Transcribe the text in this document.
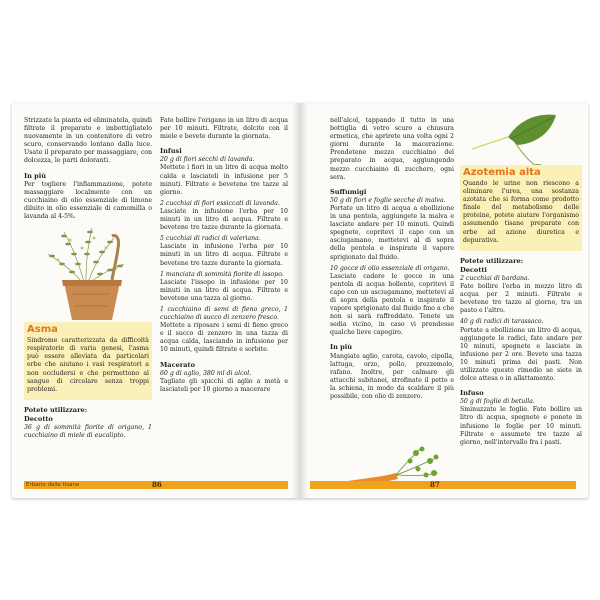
Strizzate la pianta ed eliminatela, quindi filtrate il preparato e imbottigliatelo nuovamente in un contenitore di vetro scuro, conservando lontano dalla luce. Usate il preparato per massaggiare, con dolcezza, le parti doloranti.

In più

Per togliere l'infiammazione, potete massaggiare localmente con un cucchiaino di olio essenziale di limone diluito in olio essenziale di camomilla o lavanda al 4-5%.

Asma

Sindrome caratterizzata da difficoltà respiratorie di varia genesi, l'asma può essere alleviata da particolari erbe che aiutano i vasi respiratori a non occludersi e che permettono al sangue di circolare senza troppi problemi.

Potete utilizzare:
Decotto

36 g di sommità fiorite di origano, 1 cucchiaino di miele di eucalipto.

Fate bollire l'origano in un litro di acqua per 10 minuti. Filtrate, dolcite con il miele e bevete durante la giornata.

Infusi

20 g di fiori secchi di lavanda.

Mettete i fiori in un litro di acqua molto calda e lasciateli in infusione per 5 minuti. Filtrate e bevetene tre tazze al giorno.

2 cucchiai di fiori essiccati di lavanda.

Lasciate in infusione l'erba per 10 minuti in un litro di acqua. Filtrate e bevetene tre tazze durante la giornata.

5 cucchiai di radici di valeriana.

Lasciate in infusione l'erba per 10 minuti in un litro di acqua. Filtrate e bevetene tre tazze durante la giornata.

1 manciata di sommità fiorite di issopo.

Lasciate l'issopo in infusione per 10 minuti in un litro di acqua. Filtrate e bevetene una tazza al giorno.

1 cucchiaino di semi di fieno greco, 1 cucchiaino di succo di zenzero fresco.

Mettete a riposare i semi di fieno greco e il succo di zenzero in una tazza di acqua calda, lasciando in infusione per 10 minuti, quindi filtrate e sorbite.

Macerato

60 g di aglio, 380 ml di alcol.

Tagliate gli spicchi di aglio a metà e lasciateli per 10 giorno a macerare

Erbario delle tisane	86

nell'alcol, tappando il tutto in una bottiglia di vetro scuro a chiusura ermetica, che aprirete una volta ogni 2 giorni durante la macerazione. Prendetene mezzo cucchiaino del preparato in acqua, aggiungendo mezzo cucchiaino di zucchero, ogni sera.

Suffumigi

50 g di fiori e foglie secche di malva.

Portate un litro di acqua a ebollizione in una pentola, aggiungete la malva e lasciate andare per 10 minuti. Quindi spegnete, copritevi il capo con un asciugamano, mettetevi al di sopra della pentola e inspirate il vapore sprigionato dal fluido.

10 gocce di olio essenziale di origano.

Lasciate cadere le gocce in una pentola di acqua bollente, copritevi il capo con un asciugamano, mettetevi al di sopra della pentola e inspirate il vapore sprigionato dal fluido fino a che non si sarà raffreddato. Tenete un sedia vicino, in caso vi prendesse qualche lieve capogiro.

In più

Mangiate aglio, carota, cavolo, cipolla, lattuga, orzo, pollo, prezzemolo, rafano. Inoltre, per calmare gli attacchi subitanei, strofinate il petto e la schiena, in modo da scaldare il più possibile, con olio di zenzero.

Azotemia alta

Quando le urine non riescono a eliminare l'urea, una sostanza azotata che si forma come prodotto finale del metabolismo delle proteine, potete aiutare l'organismo assumendo tisane preparate con erbe ad azione diuretica e depurativa.

Potete utilizzare:
Decotti

2 cucchiai di bardana.

Fate bollire l'erba in mezzo litro di acqua per 2 minuti. Filtrate e bevetene tre tazze al giorno, tra un pasto e l'altro.

40 g di radici di tarassaco.

Portate a ebollizione un litro di acqua, aggiungete le radici, fate andare per 10 minuti, spegnete e lasciate in infusione per 2 ore. Bevete una tazza 10 minuti prima dei pasti. Non utilizzate questo rimedio se siete in dolce attesa o in allattamento.

Infuso

50 g di foglie di betulla.

Sminuzzate le foglie. Fate bollire un litro di acqua, spegnete e ponete in infusione le foglie per 10 minuti. Filtrate e assumete tre tazze al giorno, nell'intervallo fra i pasti.

87
